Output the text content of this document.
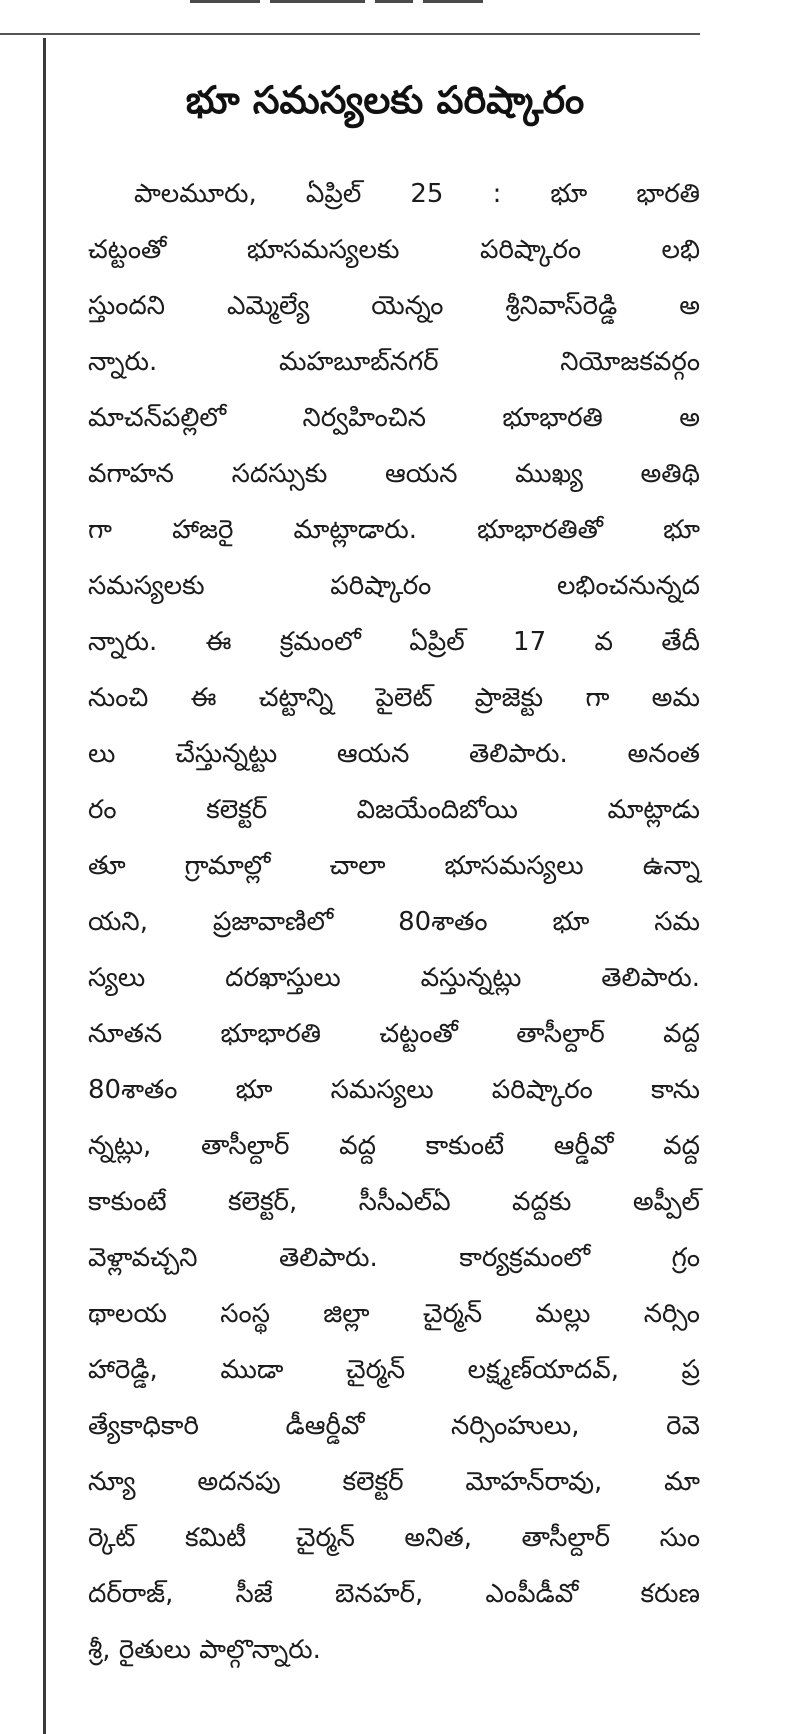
భూ సమస్యలకు పరిష్కారం
పాలమూరు, ఏప్రిల్ 25 : భూ భారతి
చట్టంతో భూసమస్యలకు పరిష్కారం లభి
స్తుందని ఎమ్మెల్యే యెన్నం శ్రీనివాస్‌రెడ్డి అ
న్నారు. మహబూబ్‌నగర్ నియోజకవర్గం
మాచన్‌పల్లిలో నిర్వహించిన భూభారతి అ
వగాహన సదస్సుకు ఆయన ముఖ్య అతిథి
గా హాజరై మాట్లాడారు. భూభారతితో భూ
సమస్యలకు పరిష్కారం లభించనున్నద
న్నారు. ఈ క్రమంలో ఏప్రిల్ 17 వ తేదీ
నుంచి ఈ చట్టాన్ని పైలెట్ ప్రాజెక్టు గా అమ
లు చేస్తున్నట్టు ఆయన తెలిపారు. అనంత
రం కలెక్టర్ విజయేందిబోయి మాట్లాడు
తూ గ్రామాల్లో చాలా భూసమస్యలు ఉన్నా
యని, ప్రజావాణిలో 80శాతం భూ సమ
స్యలు దరఖాస్తులు వస్తున్నట్లు తెలిపారు.
నూతన భూభారతి చట్టంతో తాసీల్దార్ వద్ద
80శాతం భూ సమస్యలు పరిష్కారం కాను
న్నట్లు, తాసీల్దార్ వద్ద కాకుంటే ఆర్డీవో వద్ద
కాకుంటే కలెక్టర్, సీసీఎల్ఏ వద్దకు అప్పీల్
వెళ్లావచ్చని తెలిపారు. కార్యక్రమంలో గ్రం
థాలయ సంస్థ జిల్లా చైర్మన్ మల్లు నర్సిం
హారెడ్డి, ముడా చైర్మన్ లక్ష్మణ్‌యాదవ్, ప్ర
త్యేకాధికారి డీఆర్డీవో నర్సింహులు, రెవె
న్యూ అదనపు కలెక్టర్ మోహన్‌రావు, మా
ర్కెట్ కమిటీ చైర్మన్ అనిత, తాసీల్దార్ సుం
దర్‌రాజ్, సీజే బెనహర్, ఎంపీడీవో కరుణ
శ్రీ, రైతులు పాల్గొన్నారు.
